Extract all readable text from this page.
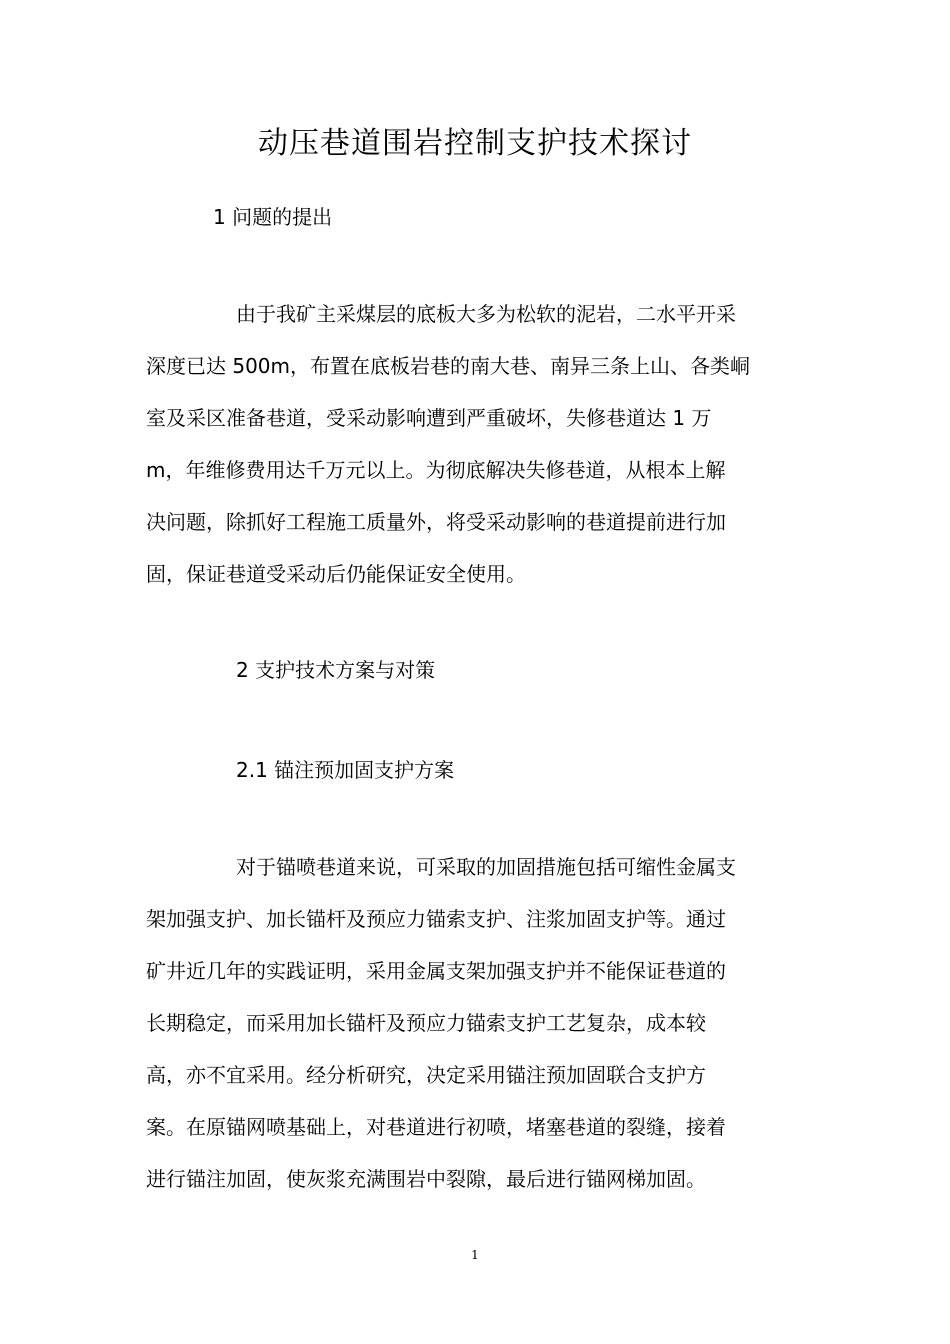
动压巷道围岩控制支护技术探讨
1 问题的提出
由于我矿主采煤层的底板大多为松软的泥岩，二水平开采
深度已达 500m，布置在底板岩巷的南大巷、南异三条上山、各类峒
室及采区准备巷道，受采动影响遭到严重破坏，失修巷道达 1 万
m，年维修费用达千万元以上。为彻底解决失修巷道，从根本上解
决问题，除抓好工程施工质量外，将受采动影响的巷道提前进行加
固，保证巷道受采动后仍能保证安全使用。
2 支护技术方案与对策
2.1 锚注预加固支护方案
对于锚喷巷道来说，可采取的加固措施包括可缩性金属支
架加强支护、加长锚杆及预应力锚索支护、注浆加固支护等。通过
矿井近几年的实践证明，采用金属支架加强支护并不能保证巷道的
长期稳定，而采用加长锚杆及预应力锚索支护工艺复杂，成本较
高，亦不宜采用。经分析研究，决定采用锚注预加固联合支护方
案。在原锚网喷基础上，对巷道进行初喷，堵塞巷道的裂缝，接着
进行锚注加固，使灰浆充满围岩中裂隙，最后进行锚网梯加固。
1
